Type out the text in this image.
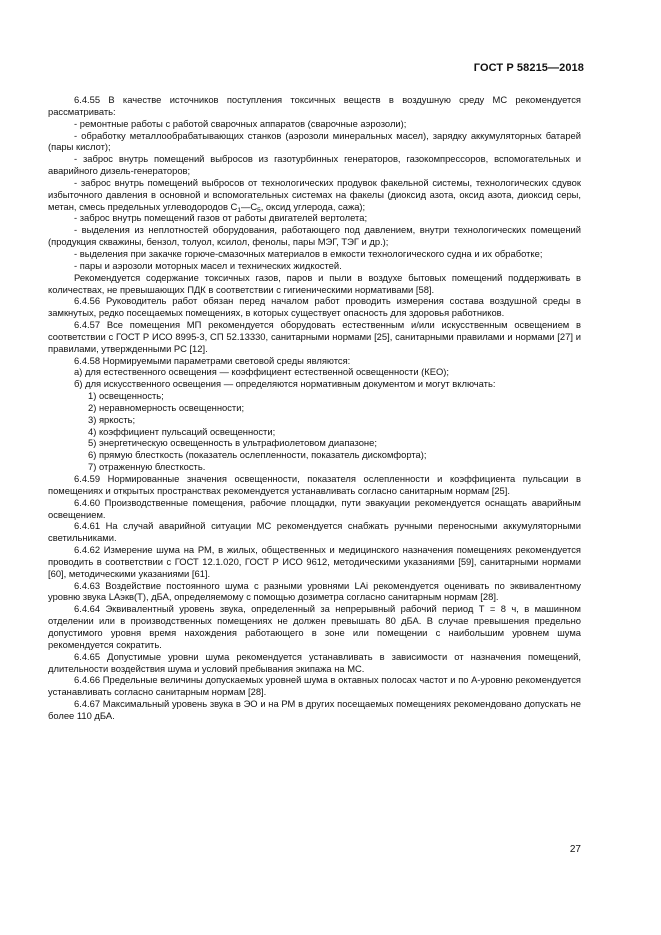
ГОСТ Р 58215—2018

6.4.55 В качестве источников поступления токсичных веществ в воздушную среду МС рекомендуется рассматривать:

- ремонтные работы с работой сварочных аппаратов (сварочные аэрозоли);

- обработку металлообрабатывающих станков (аэрозоли минеральных масел), зарядку аккумуляторных батарей (пары кислот);

- заброс внутрь помещений выбросов из газотурбинных генераторов, газокомпрессоров, вспомогательных и аварийного дизель-генераторов;

- заброс внутрь помещений выбросов от технологических продувок факельной системы, технологических сдувок избыточного давления в основной и вспомогательных системах на факелы (диоксид азота, оксид азота, диоксид серы, метан, смесь предельных углеводородов $C_1—C_5$, оксид углерода, сажа);

- заброс внутрь помещений газов от работы двигателей вертолета;

- выделения из неплотностей оборудования, работающего под давлением, внутри технологических помещений (продукция скважины, бензол, толуол, ксилол, фенолы, пары МЭГ, ТЭГ и др.);

- выделения при закачке горюче-смазочных материалов в емкости технологического судна и их обработке;

- пары и аэрозоли моторных масел и технических жидкостей.

Рекомендуется содержание токсичных газов, паров и пыли в воздухе бытовых помещений поддерживать в количествах, не превышающих ПДК в соответствии с гигиеническими нормативами [58].

6.4.56 Руководитель работ обязан перед началом работ проводить измерения состава воздушной среды в замкнутых, редко посещаемых помещениях, в которых существует опасность для здоровья работников.

6.4.57 Все помещения МП рекомендуется оборудовать естественным и/или искусственным освещением в соответствии с ГОСТ Р ИСО 8995-3, СП 52.13330, санитарными нормами [25], санитарными правилами и нормами [27] и правилами, утвержденными РС [12].

6.4.58 Нормируемыми параметрами световой среды являются:

а) для естественного освещения — коэффициент естественной освещенности (КЕО);

б) для искусственного освещения — определяются нормативным документом и могут включать:

1) освещенность;

2) неравномерность освещенности;

3) яркость;

4) коэффициент пульсаций освещенности;

5) энергетическую освещенность в ультрафиолетовом диапазоне;

6) прямую блесткость (показатель ослепленности, показатель дискомфорта);

7) отраженную блесткость.

6.4.59 Нормированные значения освещенности, показателя ослепленности и коэффициента пульсации в помещениях и открытых пространствах рекомендуется устанавливать согласно санитарным нормам [25].

6.4.60 Производственные помещения, рабочие площадки, пути эвакуации рекомендуется оснащать аварийным освещением.

6.4.61 На случай аварийной ситуации МС рекомендуется снабжать ручными переносными аккумуляторными светильниками.

6.4.62 Измерение шума на РМ, в жилых, общественных и медицинского назначения помещениях рекомендуется проводить в соответствии с ГОСТ 12.1.020, ГОСТ Р ИСО 9612, методическими указаниями [59], санитарными нормами [60], методическими указаниями [61].

6.4.63 Воздействие постоянного шума с разными уровнями LAi рекомендуется оценивать по эквивалентному уровню звука LAэкв(T), дБА, определяемому с помощью дозиметра согласно санитарным нормам [28].

6.4.64 Эквивалентный уровень звука, определенный за непрерывный рабочий период Т = 8 ч, в машинном отделении или в производственных помещениях не должен превышать 80 дБА. В случае превышения предельно допустимого уровня время нахождения работающего в зоне или помещении с наибольшим уровнем шума рекомендуется сократить.

6.4.65 Допустимые уровни шума рекомендуется устанавливать в зависимости от назначения помещений, длительности воздействия шума и условий пребывания экипажа на МС.

6.4.66 Предельные величины допускаемых уровней шума в октавных полосах частот и по А-уровню рекомендуется устанавливать согласно санитарным нормам [28].

6.4.67 Максимальный уровень звука в ЭО и на РМ в других посещаемых помещениях рекомендовано допускать не более 110 дБА.

27
